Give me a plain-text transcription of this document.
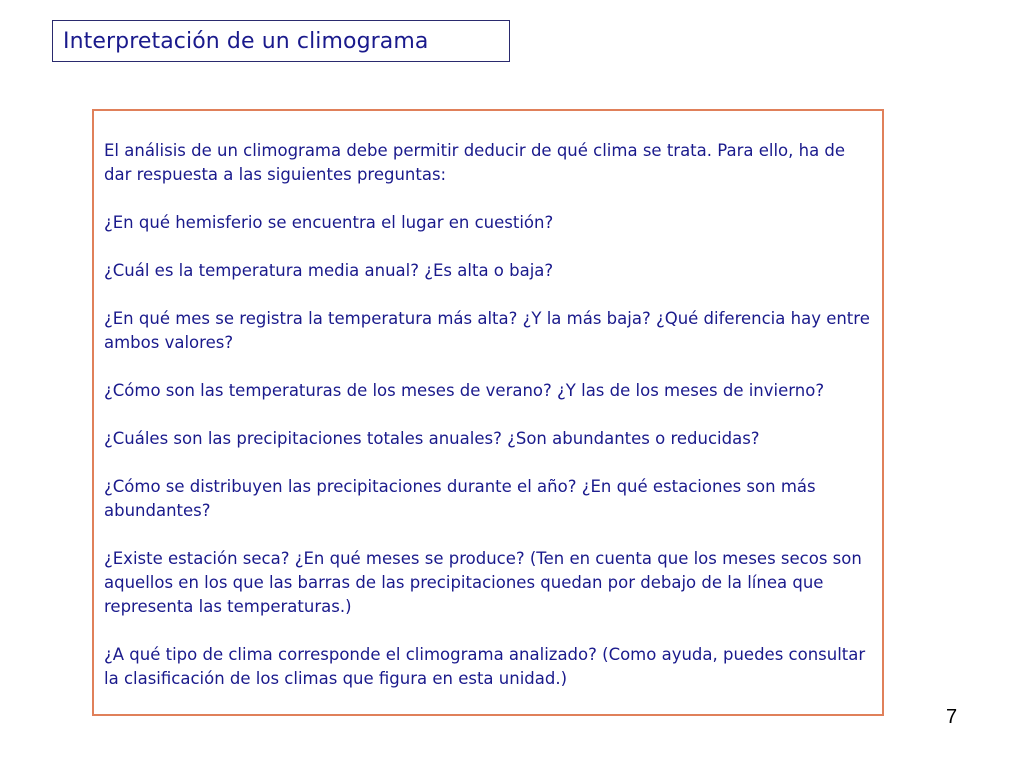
Interpretación de un climograma

El análisis de un climograma debe permitir deducir de qué clima se trata. Para ello, ha de dar respuesta a las siguientes preguntas:

¿En qué hemisferio se encuentra el lugar en cuestión?

¿Cuál es la temperatura media anual? ¿Es alta o baja?

¿En qué mes se registra la temperatura más alta? ¿Y la más baja? ¿Qué diferencia hay entre ambos valores?

¿Cómo son las temperaturas de los meses de verano? ¿Y las de los meses de invierno?

¿Cuáles son las precipitaciones totales anuales? ¿Son abundantes o reducidas?

¿Cómo se distribuyen las precipitaciones durante el año? ¿En qué estaciones son más abundantes?

¿Existe estación seca? ¿En qué meses se produce? (Ten en cuenta que los meses secos son aquellos en los que las barras de las precipitaciones quedan por debajo de la línea que representa las temperaturas.)

¿A qué tipo de clima corresponde el climograma analizado? (Como ayuda, puedes consultar la clasificación de los climas que figura en esta unidad.)

7
